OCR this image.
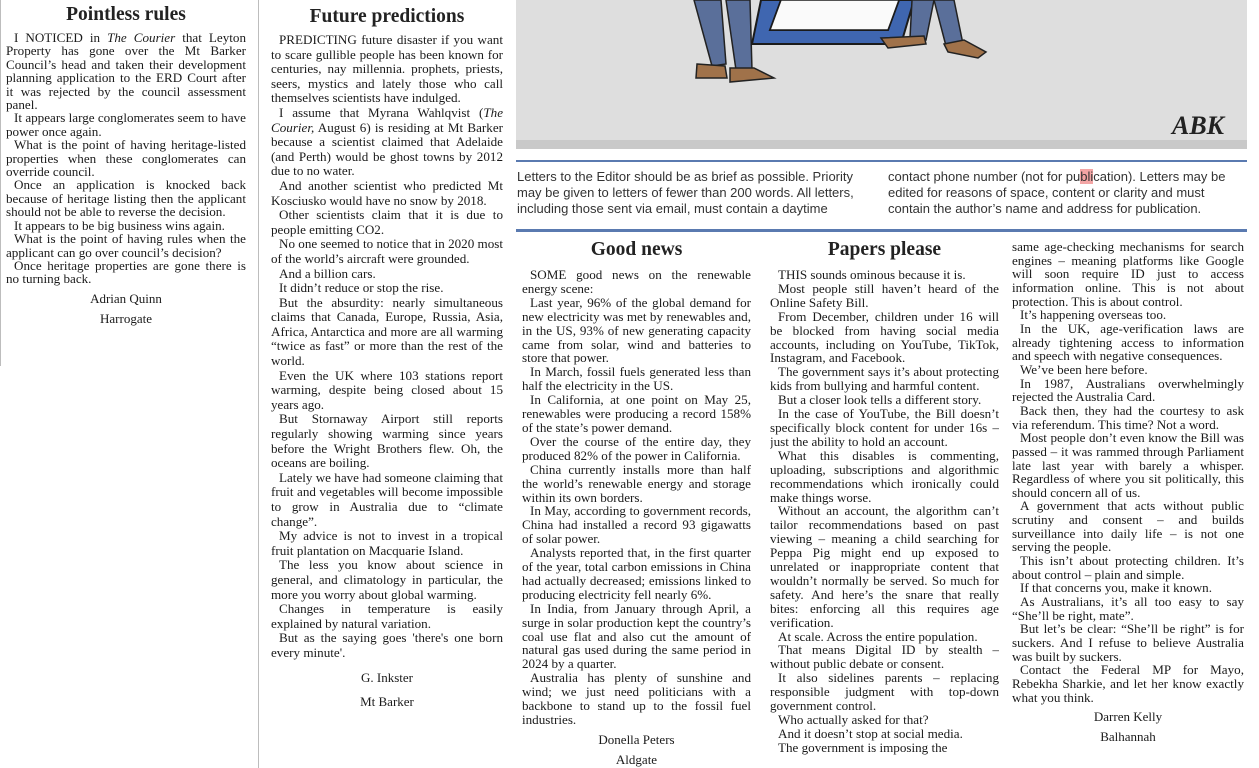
Pointless rules

I NOTICED in The Courier that Leyton Property has gone over the Mt Barker Council’s head and taken their development planning application to the ERD Court after it was rejected by the council assessment panel.

It appears large conglomerates seem to have power once again.

What is the point of having heritage-listed properties when these conglomerates can override council.

Once an application is knocked back because of heritage listing then the applicant should not be able to reverse the decision.

It appears to be big business wins again.

What is the point of having rules when the applicant can go over council’s decision?

Once heritage properties are gone there is no turning back.

Adrian Quinn
Harrogate
Future predictions

PREDICTING future disaster if you want to scare gullible people has been known for centuries, nay millennia. prophets, priests, seers, mystics and lately those who call themselves scientists have indulged.

I assume that Myrana Wahlqvist (The Courier, August 6) is residing at Mt Barker because a scientist claimed that Adelaide (and Perth) would be ghost towns by 2012 due to no water.

And another scientist who predicted Mt Kosciusko would have no snow by 2018.

Other scientists claim that it is due to people emitting CO2.

No one seemed to notice that in 2020 most of the world’s aircraft were grounded.

And a billion cars.

It didn’t reduce or stop the rise.

But the absurdity: nearly simultaneous claims that Canada, Europe, Russia, Asia, Africa, Antarctica and more are all warming “twice as fast” or more than the rest of the world.

Even the UK where 103 stations report warming, despite being closed about 15 years ago.

But Stornaway Airport still reports regularly showing warming since years before the Wright Brothers flew. Oh, the oceans are boiling.

Lately we have had someone claiming that fruit and vegetables will become impossible to grow in Australia due to “climate change”.

My advice is not to invest in a tropical fruit plantation on Macquarie Island.

The less you know about science in general, and climatology in particular, the more you worry about global warming.

Changes in temperature is easily explained by natural variation.

But as the saying goes 'there's one born every minute'.

G. Inkster
Mt Barker
ABK
Letters to the Editor should be as brief as possible. Priority may be given to letters of fewer than 200 words. All letters, including those sent via email, must contain a daytime
contact phone number (not for publication). Letters may be edited for reasons of space, content or clarity and must contain the author’s name and address for publication.
Good news

SOME good news on the renewable energy scene:

Last year, 96% of the global demand for new electricity was met by renewables and, in the US, 93% of new generating capacity came from solar, wind and batteries to store that power.

In March, fossil fuels generated less than half the electricity in the US.

In California, at one point on May 25, renewables were producing a record 158% of the state’s power demand.

Over the course of the entire day, they produced 82% of the power in California.

China currently installs more than half the world’s renewable energy and storage within its own borders.

In May, according to government records, China had installed a record 93 gigawatts of solar power.

Analysts reported that, in the first quarter of the year, total carbon emissions in China had actually decreased; emissions linked to producing electricity fell nearly 6%.

In India, from January through April, a surge in solar production kept the country’s coal use flat and also cut the amount of natural gas used during the same period in 2024 by a quarter.

Australia has plenty of sunshine and wind; we just need politicians with a backbone to stand up to the fossil fuel industries.

Donella Peters
Aldgate
Papers please

THIS sounds ominous because it is.

Most people still haven’t heard of the Online Safety Bill.

From December, children under 16 will be blocked from having social media accounts, including on YouTube, TikTok, Instagram, and Facebook.

The government says it’s about protecting kids from bullying and harmful content.

But a closer look tells a different story.

In the case of YouTube, the Bill doesn’t specifically block content for under 16s – just the ability to hold an account.

What this disables is commenting, uploading, subscriptions and algorithmic recommendations which ironically could make things worse.

Without an account, the algorithm can’t tailor recommendations based on past viewing – meaning a child searching for Peppa Pig might end up exposed to unrelated or inappropriate content that wouldn’t normally be served. So much for safety. And here’s the snare that really bites: enforcing all this requires age verification.

At scale. Across the entire population.

That means Digital ID by stealth – without public debate or consent.

It also sidelines parents – replacing responsible judgment with top-down government control.

Who actually asked for that?

And it doesn’t stop at social media.

The government is imposing the

same age-checking mechanisms for search engines – meaning platforms like Google will soon require ID just to access information online. This is not about protection. This is about control.

It’s happening overseas too.

In the UK, age-verification laws are already tightening access to information and speech with negative consequences.

We’ve been here before.

In 1987, Australians overwhelmingly rejected the Australia Card.

Back then, they had the courtesy to ask via referendum. This time? Not a word.

Most people don’t even know the Bill was passed – it was rammed through Parliament late last year with barely a whisper. Regardless of where you sit politically, this should concern all of us.

A government that acts without public scrutiny and consent – and builds surveillance into daily life – is not one serving the people.

This isn’t about protecting children. It’s about control – plain and simple.

If that concerns you, make it known.

As Australians, it’s all too easy to say “She’ll be right, mate”.

But let’s be clear: “She’ll be right” is for suckers. And I refuse to believe Australia was built by suckers.

Contact the Federal MP for Mayo, Rebekha Sharkie, and let her know exactly what you think.

Darren Kelly
Balhannah
